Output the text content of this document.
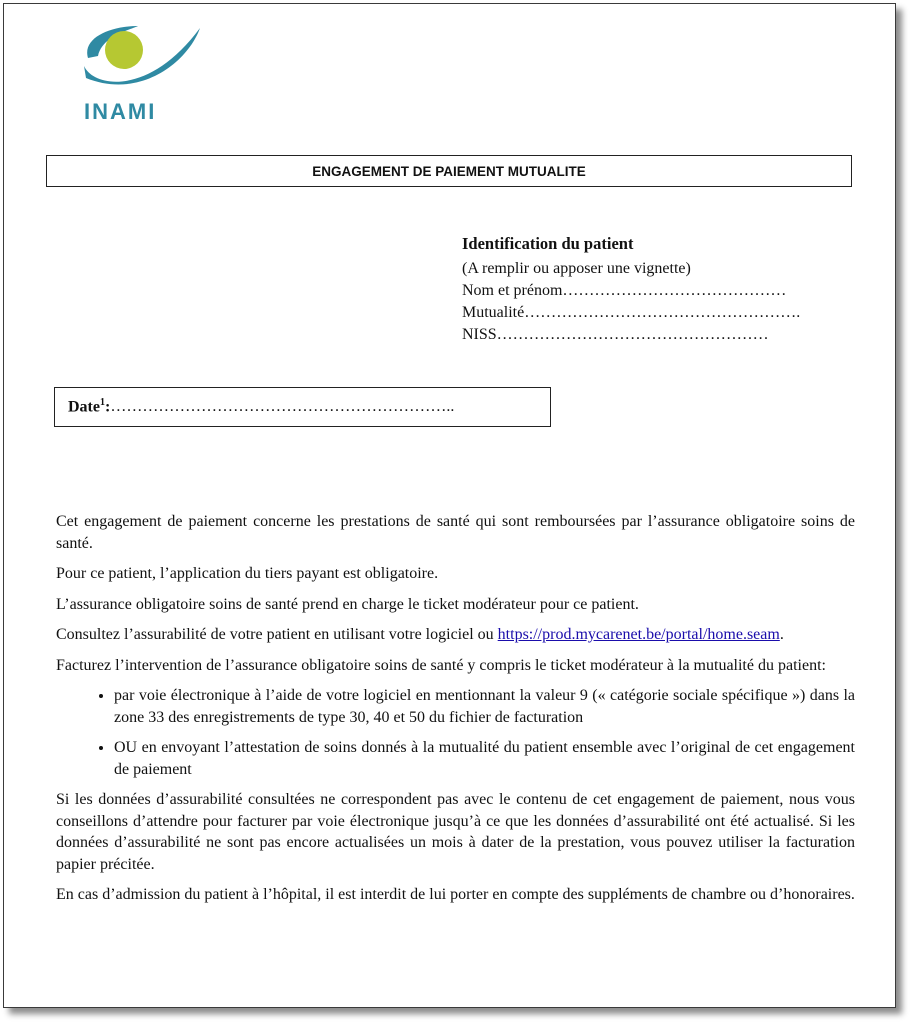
INAMI

ENGAGEMENT DE PAIEMENT MUTUALITE
Identification du patient
(A remplir ou apposer une vignette)
Nom et prénom……………………………………
Mutualité…………………………………………….
NISS……………………………………………
Date$^1$: ………………………………………………………..

Cet engagement de paiement concerne les prestations de santé qui sont remboursées par l’assurance obligatoire soins de santé.

Pour ce patient, l’application du tiers payant est obligatoire.

L’assurance obligatoire soins de santé prend en charge le ticket modérateur pour ce patient.

Consultez l’assurabilité de votre patient en utilisant votre logiciel ou https://prod.mycarenet.be/portal/home.seam.

Facturez l’intervention de l’assurance obligatoire soins de santé y compris le ticket modérateur à la mutualité du patient:

• par voie électronique à l’aide de votre logiciel en mentionnant la valeur 9 (« catégorie sociale spécifique ») dans la zone 33 des enregistrements de type 30, 40 et 50 du fichier de facturation
• OU en envoyant l’attestation de soins donnés à la mutualité du patient ensemble avec l’original de cet engagement de paiement

Si les données d’assurabilité consultées ne correspondent pas avec le contenu de cet engagement de paiement, nous vous conseillons d’attendre pour facturer par voie électronique jusqu’à ce que les données d’assurabilité ont été actualisé. Si les données d’assurabilité ne sont pas encore actualisées un mois à dater de la prestation, vous pouvez utiliser la facturation papier précitée.

En cas d’admission du patient à l’hôpital, il est interdit de lui porter en compte des suppléments de chambre ou d’honoraires.
